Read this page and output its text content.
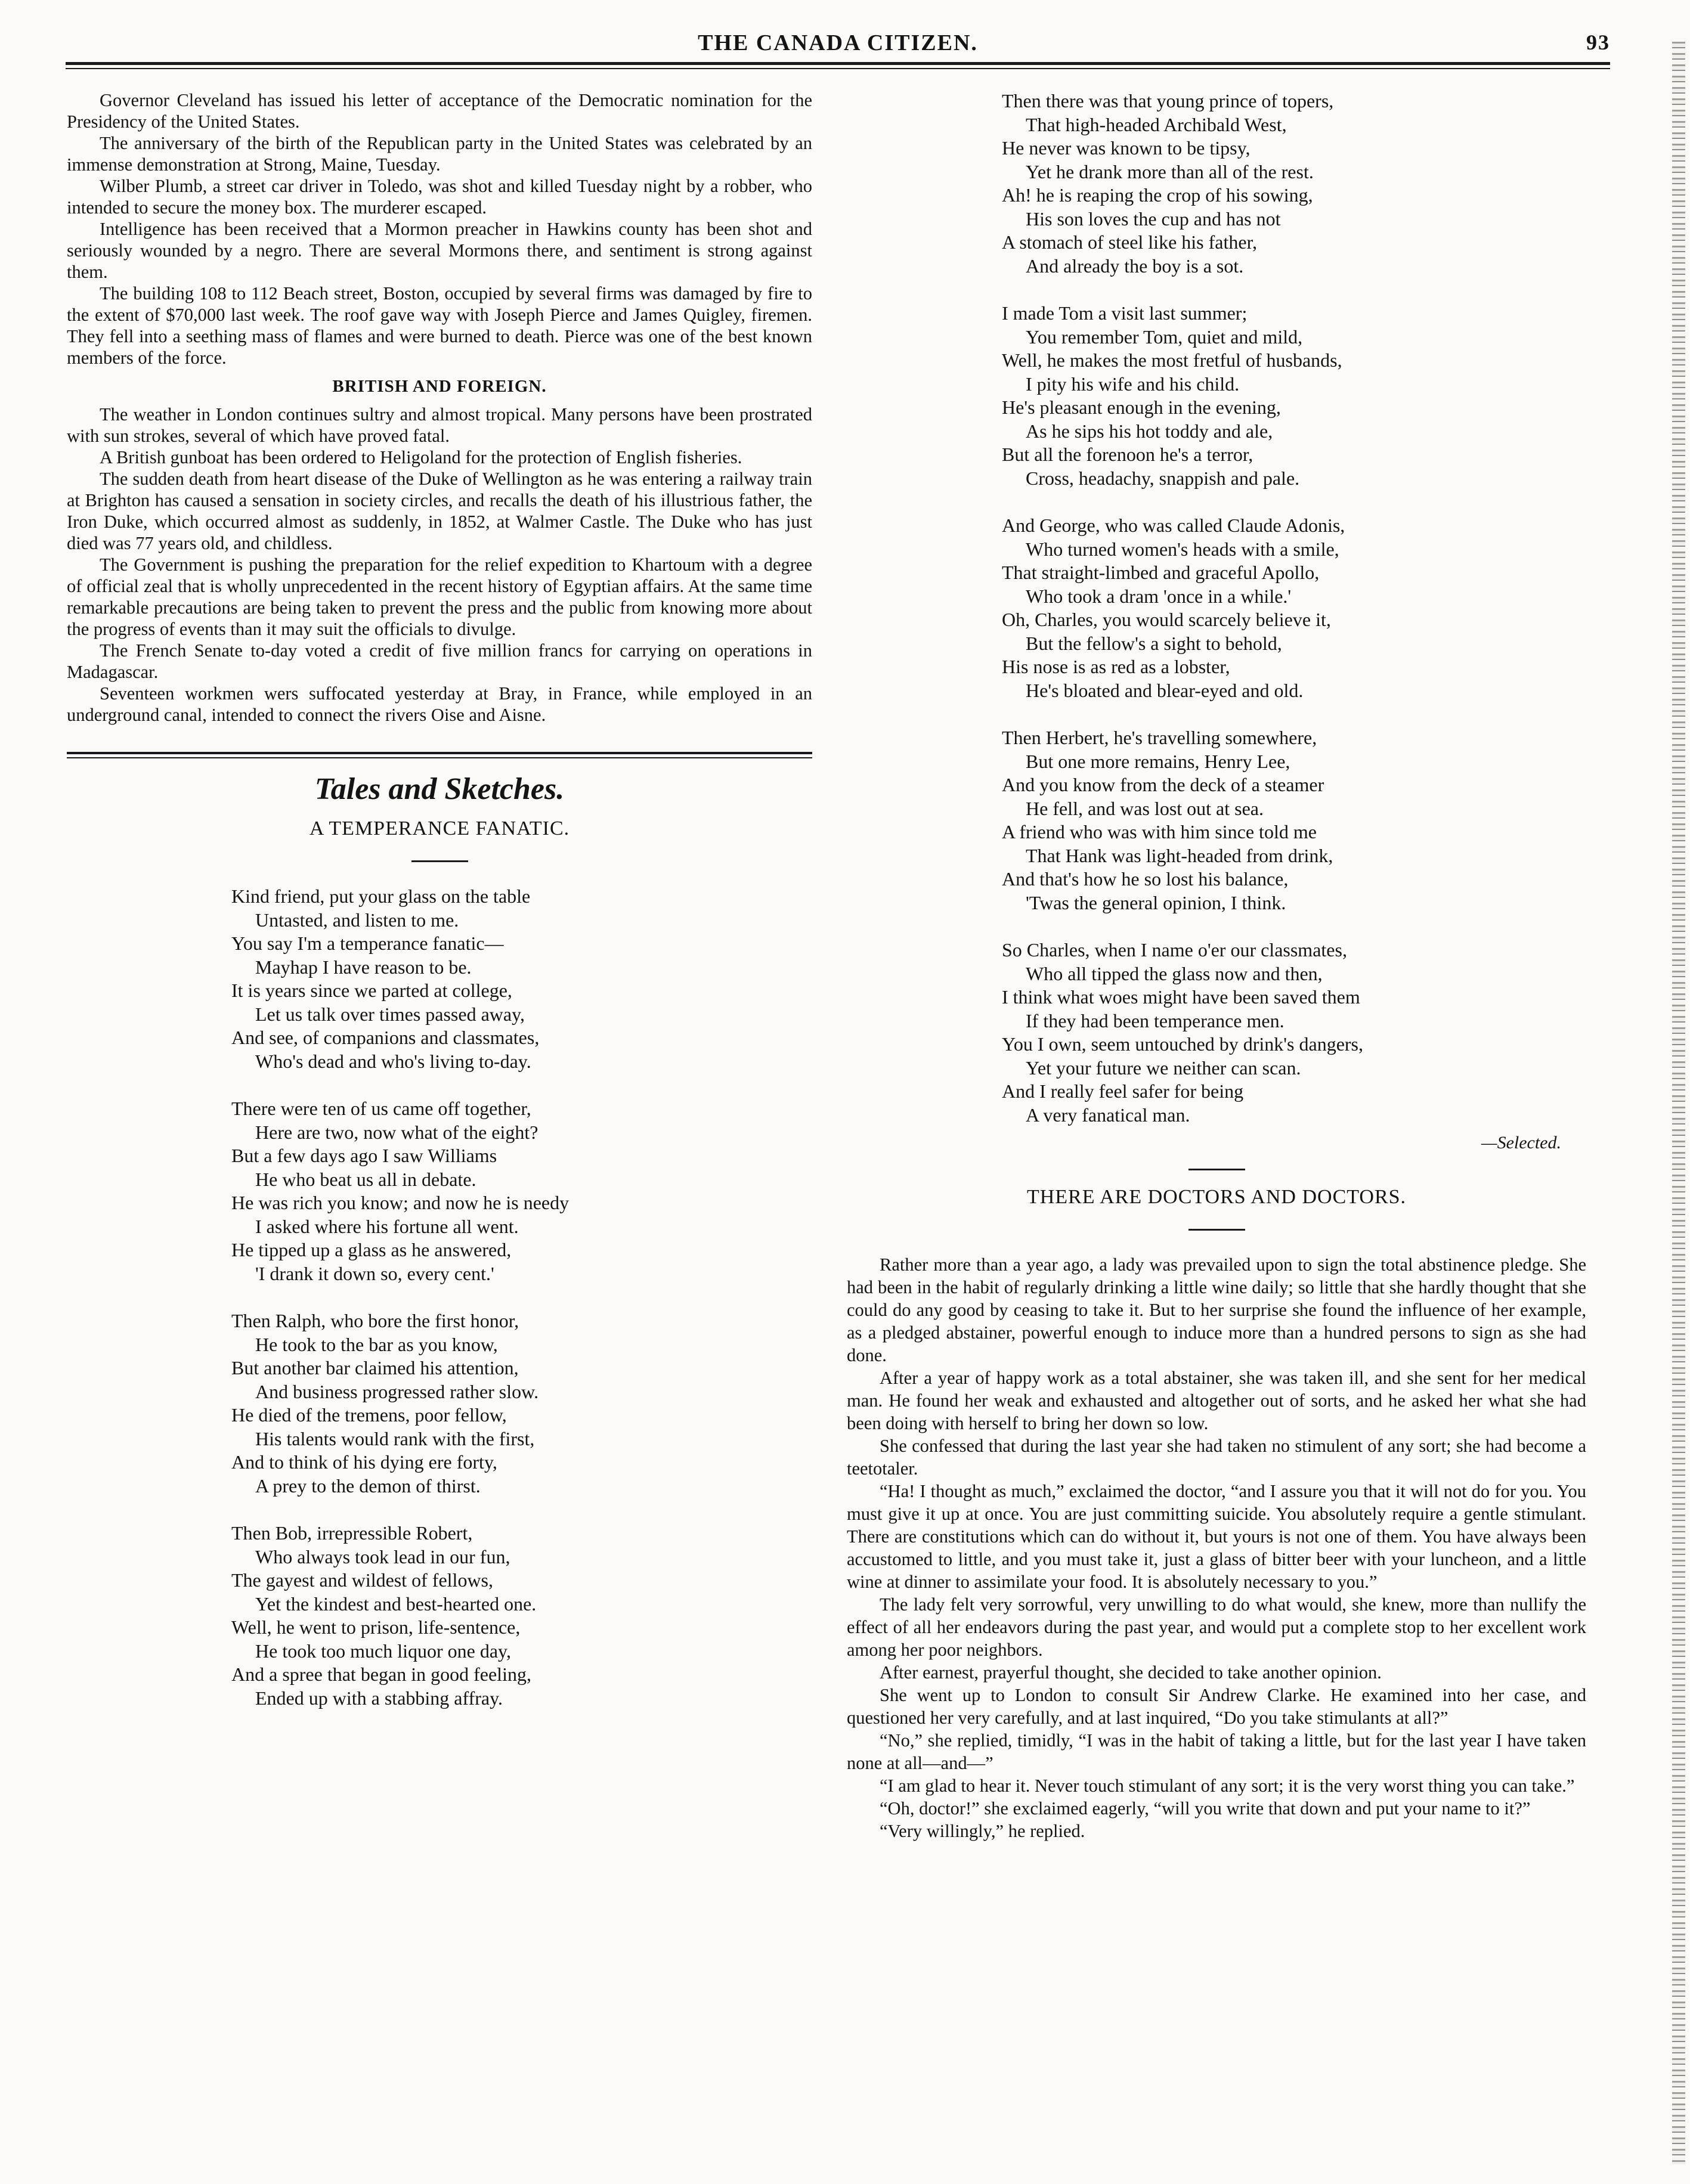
THE CANADA CITIZEN.	93

Governor Cleveland has issued his letter of acceptance of the Democratic nomination for the Presidency of the United States.

The anniversary of the birth of the Republican party in the United States was celebrated by an immense demonstration at Strong, Maine, Tuesday.

Wilber Plumb, a street car driver in Toledo, was shot and killed Tuesday night by a robber, who intended to secure the money box. The murderer escaped.

Intelligence has been received that a Mormon preacher in Hawkins county has been shot and seriously wounded by a negro. There are several Mormons there, and sentiment is strong against them.

The building 108 to 112 Beach street, Boston, occupied by several firms was damaged by fire to the extent of $70,000 last week. The roof gave way with Joseph Pierce and James Quigley, firemen. They fell into a seething mass of flames and were burned to death. Pierce was one of the best known members of the force.

BRITISH AND FOREIGN.

The weather in London continues sultry and almost tropical. Many persons have been prostrated with sun strokes, several of which have proved fatal.

A British gunboat has been ordered to Heligoland for the protection of English fisheries.

The sudden death from heart disease of the Duke of Wellington as he was entering a railway train at Brighton has caused a sensation in society circles, and recalls the death of his illustrious father, the Iron Duke, which occurred almost as suddenly, in 1852, at Walmer Castle. The Duke who has just died was 77 years old, and childless.

The Government is pushing the preparation for the relief expedition to Khartoum with a degree of official zeal that is wholly unprecedented in the recent history of Egyptian affairs. At the same time remarkable precautions are being taken to prevent the press and the public from knowing more about the progress of events than it may suit the officials to divulge.

The French Senate to-day voted a credit of five million francs for carrying on operations in Madagascar.

Seventeen workmen wers suffocated yesterday at Bray, in France, while employed in an underground canal, intended to connect the rivers Oise and Aisne.

Tales and Sketches.
A TEMPERANCE FANATIC.
Kind friend, put your glass on the table
Untasted, and listen to me.
You say I'm a temperance fanatic—
Mayhap I have reason to be.
It is years since we parted at college,
Let us talk over times passed away,
And see, of companions and classmates,
Who's dead and who's living to-day.
There were ten of us came off together,
Here are two, now what of the eight?
But a few days ago I saw Williams
He who beat us all in debate.
He was rich you know; and now he is needy
I asked where his fortune all went.
He tipped up a glass as he answered,
'I drank it down so, every cent.'
Then Ralph, who bore the first honor,
He took to the bar as you know,
But another bar claimed his attention,
And business progressed rather slow.
He died of the tremens, poor fellow,
His talents would rank with the first,
And to think of his dying ere forty,
A prey to the demon of thirst.
Then Bob, irrepressible Robert,
Who always took lead in our fun,
The gayest and wildest of fellows,
Yet the kindest and best-hearted one.
Well, he went to prison, life-sentence,
He took too much liquor one day,
And a spree that began in good feeling,
Ended up with a stabbing affray.
Then there was that young prince of topers,
That high-headed Archibald West,
He never was known to be tipsy,
Yet he drank more than all of the rest.
Ah! he is reaping the crop of his sowing,
His son loves the cup and has not
A stomach of steel like his father,
And already the boy is a sot.
I made Tom a visit last summer;
You remember Tom, quiet and mild,
Well, he makes the most fretful of husbands,
I pity his wife and his child.
He's pleasant enough in the evening,
As he sips his hot toddy and ale,
But all the forenoon he's a terror,
Cross, headachy, snappish and pale.
And George, who was called Claude Adonis,
Who turned women's heads with a smile,
That straight-limbed and graceful Apollo,
Who took a dram 'once in a while.'
Oh, Charles, you would scarcely believe it,
But the fellow's a sight to behold,
His nose is as red as a lobster,
He's bloated and blear-eyed and old.
Then Herbert, he's travelling somewhere,
But one more remains, Henry Lee,
And you know from the deck of a steamer
He fell, and was lost out at sea.
A friend who was with him since told me
That Hank was light-headed from drink,
And that's how he so lost his balance,
'Twas the general opinion, I think.
So Charles, when I name o'er our classmates,
Who all tipped the glass now and then,
I think what woes might have been saved them
If they had been temperance men.
You I own, seem untouched by drink's dangers,
Yet your future we neither can scan.
And I really feel safer for being
A very fanatical man.
—Selected.
THERE ARE DOCTORS AND DOCTORS.

Rather more than a year ago, a lady was prevailed upon to sign the total abstinence pledge. She had been in the habit of regularly drinking a little wine daily; so little that she hardly thought that she could do any good by ceasing to take it. But to her surprise she found the influence of her example, as a pledged abstainer, powerful enough to induce more than a hundred persons to sign as she had done.

After a year of happy work as a total abstainer, she was taken ill, and she sent for her medical man. He found her weak and exhausted and altogether out of sorts, and he asked her what she had been doing with herself to bring her down so low.

She confessed that during the last year she had taken no stimulent of any sort; she had become a teetotaler.

“Ha! I thought as much,” exclaimed the doctor, “and I assure you that it will not do for you. You must give it up at once. You are just committing suicide. You absolutely require a gentle stimulant. There are constitutions which can do without it, but yours is not one of them. You have always been accustomed to little, and you must take it, just a glass of bitter beer with your luncheon, and a little wine at dinner to assimilate your food. It is absolutely necessary to you.”

The lady felt very sorrowful, very unwilling to do what would, she knew, more than nullify the effect of all her endeavors during the past year, and would put a complete stop to her excellent work among her poor neighbors.

After earnest, prayerful thought, she decided to take another opinion.

She went up to London to consult Sir Andrew Clarke. He examined into her case, and questioned her very carefully, and at last inquired, “Do you take stimulants at all?”

“No,” she replied, timidly, “I was in the habit of taking a little, but for the last year I have taken none at all—and—”

“I am glad to hear it. Never touch stimulant of any sort; it is the very worst thing you can take.”

“Oh, doctor!” she exclaimed eagerly, “will you write that down and put your name to it?”

“Very willingly,” he replied.
